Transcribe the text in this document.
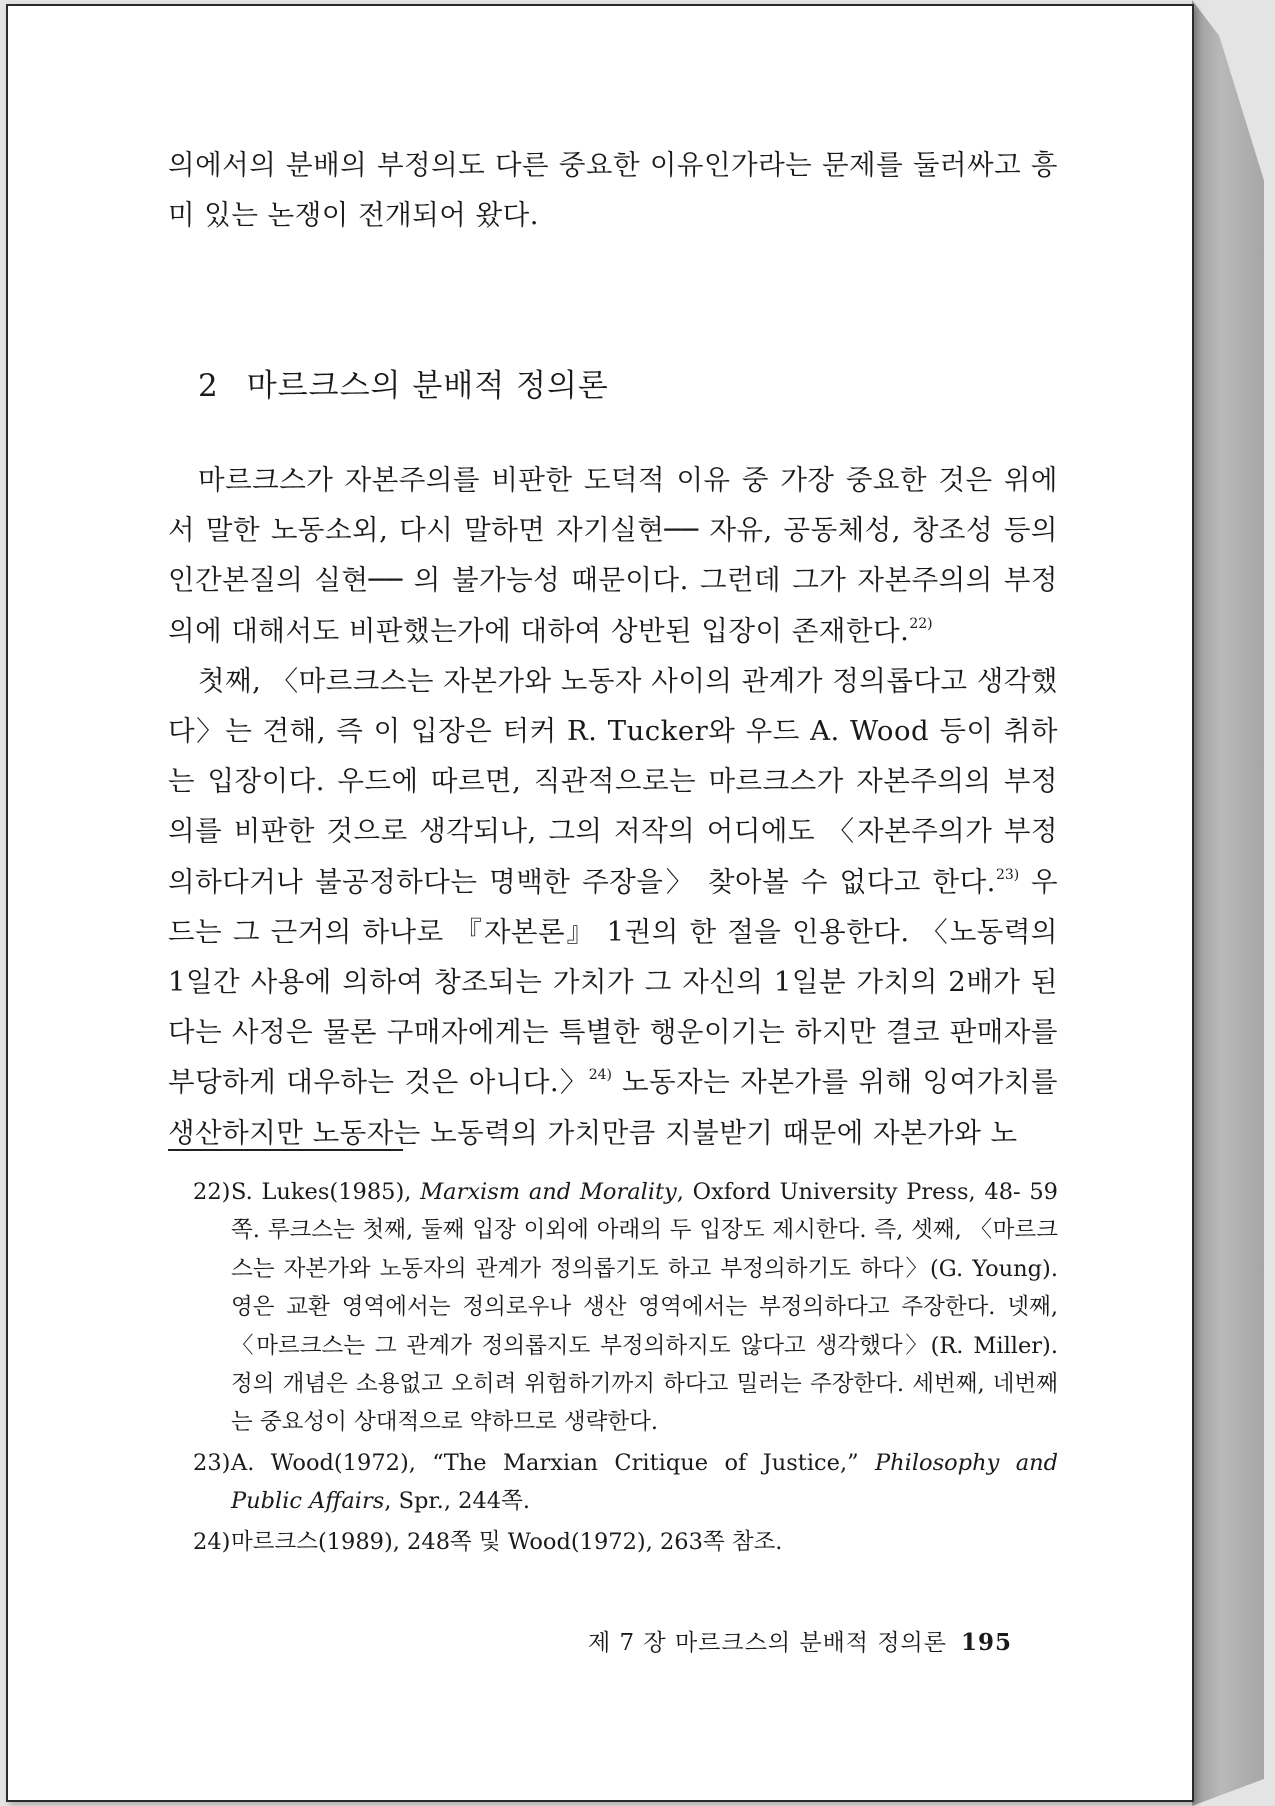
의에서의 분배의 부정의도 다른 중요한 이유인가라는 문제를 둘러싸고 흥미 있는 논쟁이 전개되어 왔다.

2 마르크스의 분배적 정의론

마르크스가 자본주의를 비판한 도덕적 이유 중 가장 중요한 것은 위에서 말한 노동소외, 다시 말하면 자기실현── 자유, 공동체성, 창조성 등의 인간본질의 실현── 의 불가능성 때문이다. 그런데 그가 자본주의의 부정의에 대해서도 비판했는가에 대하여 상반된 입장이 존재한다.$^{22)}$

첫째, 〈마르크스는 자본가와 노동자 사이의 관계가 정의롭다고 생각했다〉는 견해, 즉 이 입장은 터커 R. Tucker와 우드 A. Wood 등이 취하는 입장이다. 우드에 따르면, 직관적으로는 마르크스가 자본주의의 부정의를 비판한 것으로 생각되나, 그의 저작의 어디에도 〈자본주의가 부정의하다거나 불공정하다는 명백한 주장을〉 찾아볼 수 없다고 한다.$^{23)}$ 우드는 그 근거의 하나로 『자본론』 1권의 한 절을 인용한다. 〈노동력의 1일간 사용에 의하여 창조되는 가치가 그 자신의 1일분 가치의 2배가 된다는 사정은 물론 구매자에게는 특별한 행운이기는 하지만 결코 판매자를 부당하게 대우하는 것은 아니다.〉$^{24)}$ 노동자는 자본가를 위해 잉여가치를 생산하지만 노동자는 노동력의 가치만큼 지불받기 때문에 자본가와 노

22) S. Lukes(1985), Marxism and Morality, Oxford University Press, 48- 59쪽. 루크스는 첫째, 둘째 입장 이외에 아래의 두 입장도 제시한다. 즉, 셋째, 〈마르크스는 자본가와 노동자의 관계가 정의롭기도 하고 부정의하기도 하다〉(G. Young). 영은 교환 영역에서는 정의로우나 생산 영역에서는 부정의하다고 주장한다. 넷째, 〈마르크스는 그 관계가 정의롭지도 부정의하지도 않다고 생각했다〉(R. Miller). 정의 개념은 소용없고 오히려 위험하기까지 하다고 밀러는 주장한다. 세번째, 네번째는 중요성이 상대적으로 약하므로 생략한다.
23) A. Wood(1972), “The Marxian Critique of Justice,” Philosophy and Public Affairs, Spr., 244쪽.
24) 마르크스(1989), 248쪽 및 Wood(1972), 263쪽 참조.
제 7 장 마르크스의 분배적 정의론 195
